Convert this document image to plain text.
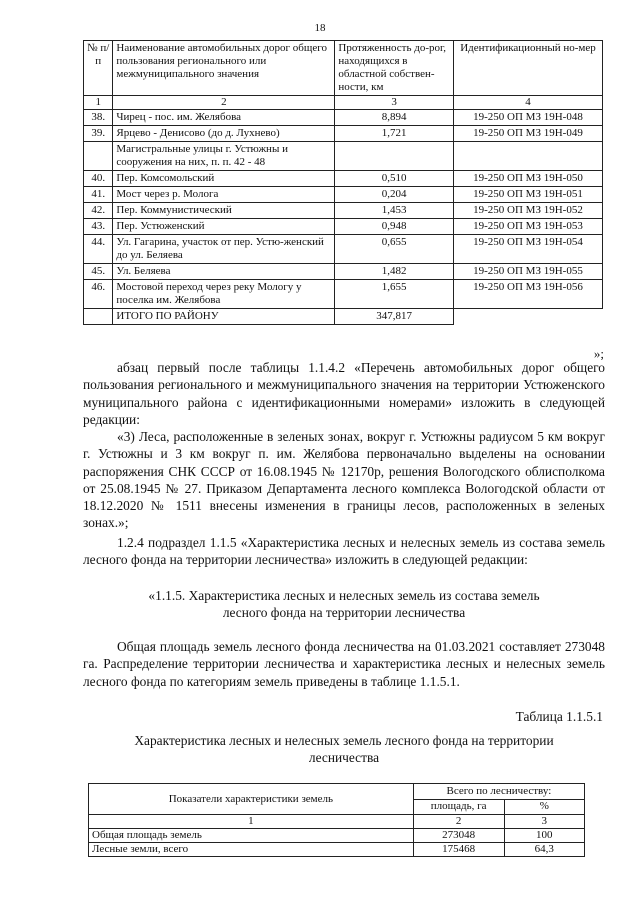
18
№ п/п	Наименование автомобильных дорог общего пользования регионального или межмуниципального значения	Протяженность до-рог, находящихся в областной собствен-ности, км	Идентификационный но-мер
1	2	3	4
38.	Чирец - пос. им. Желябова	8,894	19-250 ОП МЗ 19Н-048
39.	Ярцево - Денисово (до д. Лухнево)	1,721	19-250 ОП МЗ 19Н-049
	Магистральные улицы г. Устюжны и сооружения на них, п. п. 42 - 48		
40.	Пер. Комсомольский	0,510	19-250 ОП МЗ 19Н-050
41.	Мост через р. Молога	0,204	19-250 ОП МЗ 19Н-051
42.	Пер. Коммунистический	1,453	19-250 ОП МЗ 19Н-052
43.	Пер. Устюженский	0,948	19-250 ОП МЗ 19Н-053
44.	Ул. Гагарина, участок от пер. Устю-женский до ул. Беляева	0,655	19-250 ОП МЗ 19Н-054
45.	Ул. Беляева	1,482	19-250 ОП МЗ 19Н-055
46.	Мостовой переход через реку Мологу у поселка им. Желябова	1,655	19-250 ОП МЗ 19Н-056
	ИТОГО ПО РАЙОНУ	347,817	
»;

абзац первый после таблицы 1.1.4.2 «Перечень автомобильных дорог общего пользования регионального и межмуниципального значения на территории Устюженского муниципального района с идентификационными номерами» изложить в следующей редакции:

«3) Леса, расположенные в зеленых зонах, вокруг г. Устюжны радиусом 5 км вокруг г. Устюжны и 3 км вокруг п. им. Желябова первоначально выделены на основании распоряжения СНК СССР от 16.08.1945 № 12170р, решения Вологодского облисполкома от 25.08.1945 № 27. Приказом Департамента лесного комплекса Вологодской области от 18.12.2020 № 1511 внесены изменения в границы лесов, расположенных в зеленых зонах.»;

1.2.4 подраздел 1.1.5 «Характеристика лесных и нелесных земель из состава земель лесного фонда на территории лесничества» изложить в следующей редакции:

«1.1.5. Характеристика лесных и нелесных земель из состава земель
лесного фонда на территории лесничества

Общая площадь земель лесного фонда лесничества на 01.03.2021 составляет 273048 га. Распределение территории лесничества и характеристика лесных и нелесных земель лесного фонда по категориям земель приведены в таблице 1.1.5.1.

Таблица 1.1.5.1
Характеристика лесных и нелесных земель лесного фонда на территории
лесничества
Показатели характеристики земель	Всего по лесничеству:	
	площадь, га	%
1	2	3
Общая площадь земель	273048	100
Лесные земли, всего	175468	64,3
